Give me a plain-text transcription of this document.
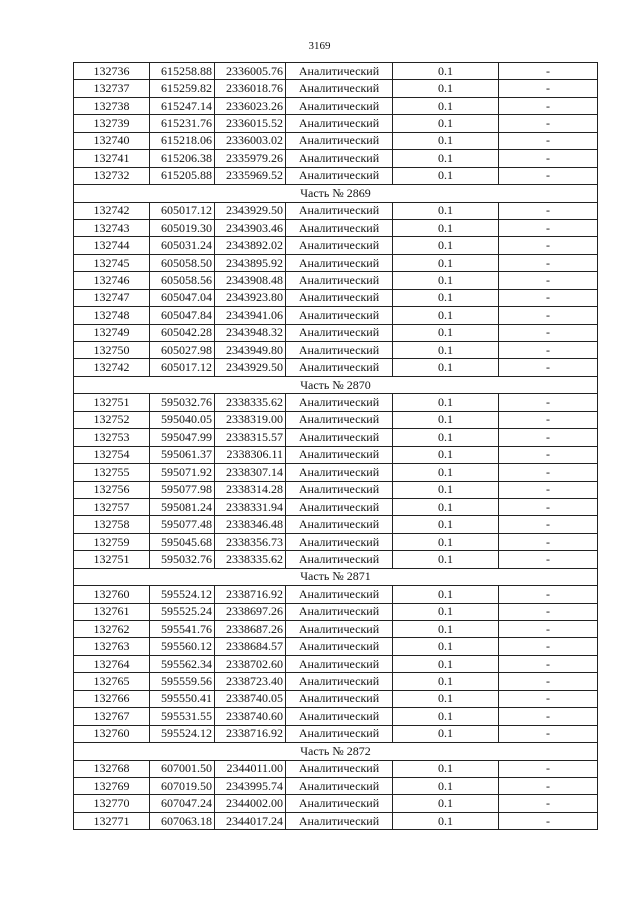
3169
132736	615258.88	2336005.76	Аналитический	0.1	-
132737	615259.82	2336018.76	Аналитический	0.1	-
132738	615247.14	2336023.26	Аналитический	0.1	-
132739	615231.76	2336015.52	Аналитический	0.1	-
132740	615218.06	2336003.02	Аналитический	0.1	-
132741	615206.38	2335979.26	Аналитический	0.1	-
132732	615205.88	2335969.52	Аналитический	0.1	-
Часть № 2869					
132742	605017.12	2343929.50	Аналитический	0.1	-
132743	605019.30	2343903.46	Аналитический	0.1	-
132744	605031.24	2343892.02	Аналитический	0.1	-
132745	605058.50	2343895.92	Аналитический	0.1	-
132746	605058.56	2343908.48	Аналитический	0.1	-
132747	605047.04	2343923.80	Аналитический	0.1	-
132748	605047.84	2343941.06	Аналитический	0.1	-
132749	605042.28	2343948.32	Аналитический	0.1	-
132750	605027.98	2343949.80	Аналитический	0.1	-
132742	605017.12	2343929.50	Аналитический	0.1	-
Часть № 2870					
132751	595032.76	2338335.62	Аналитический	0.1	-
132752	595040.05	2338319.00	Аналитический	0.1	-
132753	595047.99	2338315.57	Аналитический	0.1	-
132754	595061.37	2338306.11	Аналитический	0.1	-
132755	595071.92	2338307.14	Аналитический	0.1	-
132756	595077.98	2338314.28	Аналитический	0.1	-
132757	595081.24	2338331.94	Аналитический	0.1	-
132758	595077.48	2338346.48	Аналитический	0.1	-
132759	595045.68	2338356.73	Аналитический	0.1	-
132751	595032.76	2338335.62	Аналитический	0.1	-
Часть № 2871					
132760	595524.12	2338716.92	Аналитический	0.1	-
132761	595525.24	2338697.26	Аналитический	0.1	-
132762	595541.76	2338687.26	Аналитический	0.1	-
132763	595560.12	2338684.57	Аналитический	0.1	-
132764	595562.34	2338702.60	Аналитический	0.1	-
132765	595559.56	2338723.40	Аналитический	0.1	-
132766	595550.41	2338740.05	Аналитический	0.1	-
132767	595531.55	2338740.60	Аналитический	0.1	-
132760	595524.12	2338716.92	Аналитический	0.1	-
Часть № 2872					
132768	607001.50	2344011.00	Аналитический	0.1	-
132769	607019.50	2343995.74	Аналитический	0.1	-
132770	607047.24	2344002.00	Аналитический	0.1	-
132771	607063.18	2344017.24	Аналитический	0.1	-
